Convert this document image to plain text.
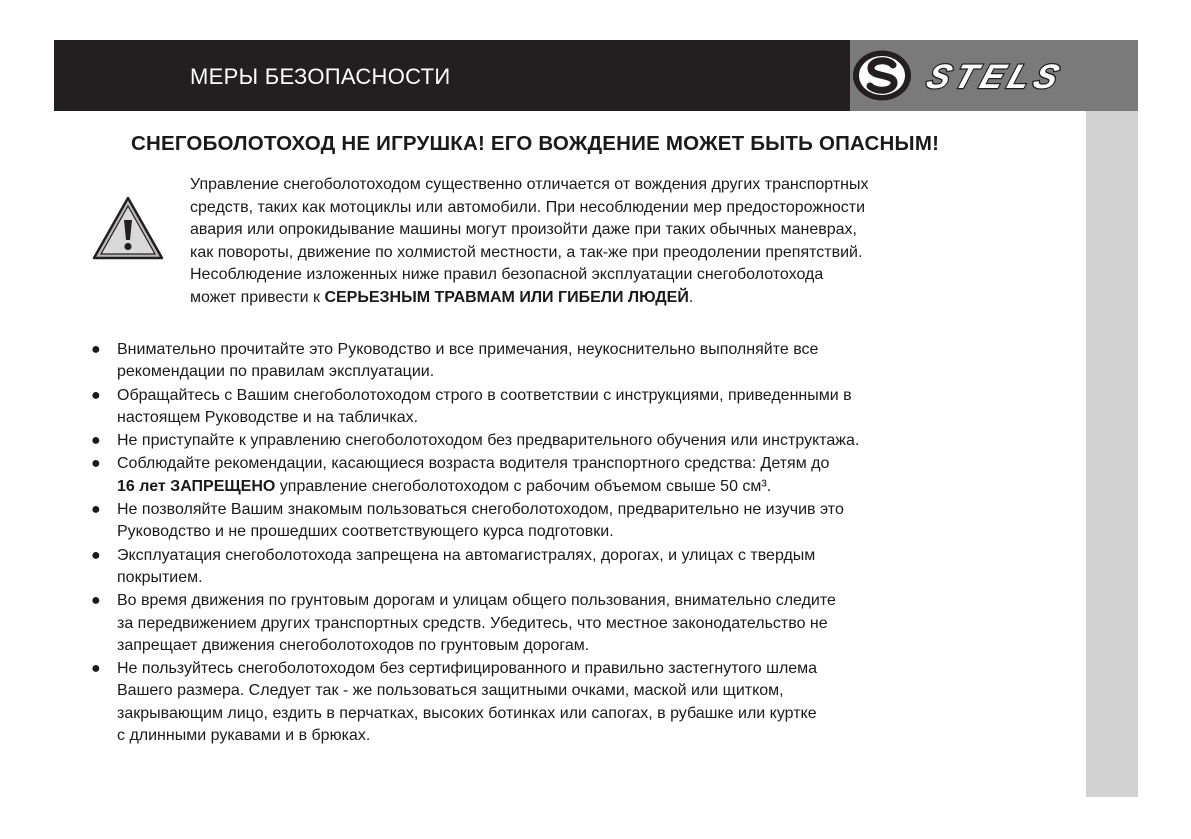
МЕРЫ БЕЗОПАСНОСТИ	STELS
СНЕГОБОЛОТОХОД НЕ ИГРУШКА! ЕГО ВОЖДЕНИЕ МОЖЕТ БЫТЬ ОПАСНЫМ!
Управление снегоболотоходом существенно отличается от вождения других транспортных
средств, таких как мотоциклы или автомобили. При несоблюдении мер предосторожности
авария или опрокидывание машины могут произойти даже при таких обычных маневрах,
как повороты, движение по холмистой местности, а так-же при преодолении препятствий.
Несоблюдение изложенных ниже правил безопасной эксплуатации снегоболотохода
может привести к СЕРЬЕЗНЫМ ТРАВМАМ ИЛИ ГИБЕЛИ ЛЮДЕЙ.
● Внимательно прочитайте это Руководство и все примечания, неукоснительно выполняйте все
рекомендации по правилам эксплуатации.
● Обращайтесь с Вашим снегоболотоходом строго в соответствии с инструкциями, приведенными в
настоящем Руководстве и на табличках.
● Не приступайте к управлению снегоболотоходом без предварительного обучения или инструктажа.
● Соблюдайте рекомендации, касающиеся возраста водителя транспортного средства: Детям до
16 лет ЗАПРЕЩЕНО управление снегоболотоходом с рабочим объемом свыше 50 см³.
● Не позволяйте Вашим знакомым пользоваться снегоболотоходом, предварительно не изучив это
Руководство и не прошедших соответствующего курса подготовки.
● Эксплуатация снегоболотохода запрещена на автомагистралях, дорогах, и улицах с твердым
покрытием.
● Во время движения по грунтовым дорогам и улицам общего пользования, внимательно следите
за передвижением других транспортных средств. Убедитесь, что местное законодательство не
запрещает движения снегоболотоходов по грунтовым дорогам.
● Не пользуйтесь снегоболотоходом без сертифицированного и правильно застегнутого шлема
Вашего размера. Следует так - же пользоваться защитными очками, маской или щитком,
закрывающим лицо, ездить в перчатках, высоких ботинках или сапогах, в рубашке или куртке
с длинными рукавами и в брюках.
